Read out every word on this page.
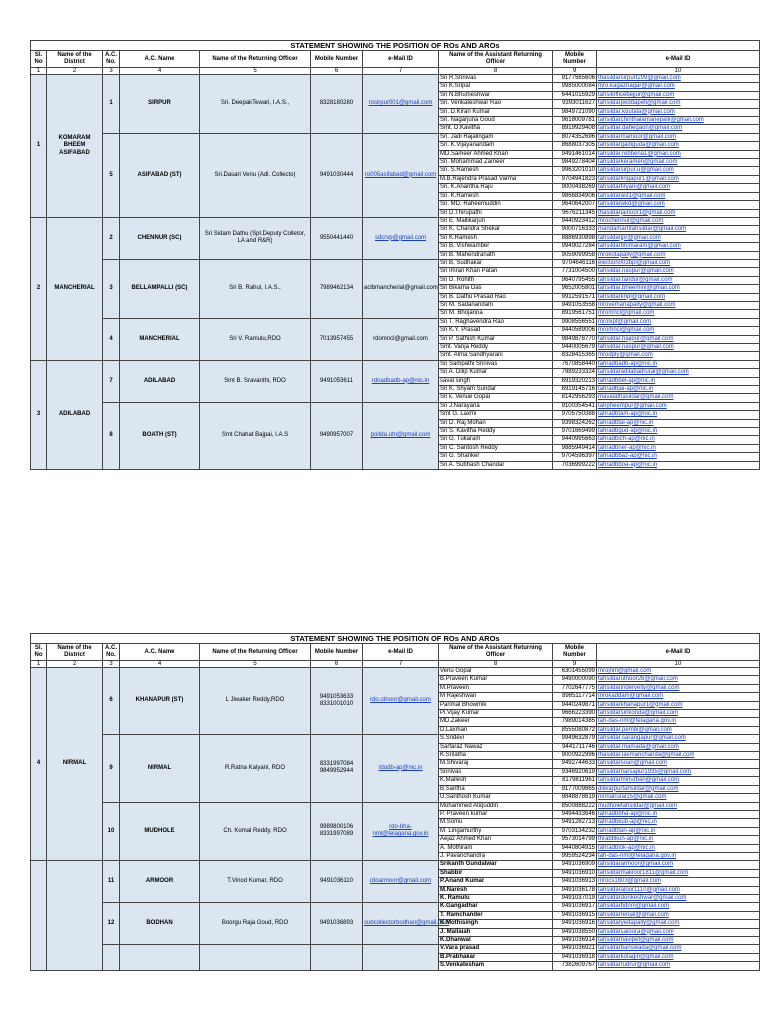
STATEMENT SHOWING THE POSITION OF ROs AND AROs									
Sl. No	Name of the District	A.C. No.	A.C. Name	Name of the Returning Officer	Mobile Number	e-Mail ID	Name of the Assistant Returning Officer	Mobile Number	e-Mail ID
1	2	3	4	5	6	7	8	9	10
1	KOMARAM BHEEM ASIFABAD	1	SIRPUR	Sri. DeepakTewari, I.A.S.,	8328180280	rosirpur001@gmail.com	Sri R.Srinivas	9177565606	thasildarsirpurt299@gmail.com
							Sri K.Sripal	9985000084	mro.kagaznagar@gmail.com
							Sri N.Bhumeshwar	6441015929	tahsilofficebejjur@gmail.com
							Sri. Venkateshwar Rao	9393011627	tahsildarpeddapeti@gmail.com
							Sri. D.Kiran Kumar	9849721090	tahsildar.koutala@gmail.com
							Sri. Nagarjuna Goud	9618009781	tahsildarchinthalamanepalli@gmail.com
							Smt. D.Kavitha	8919929408	tahsildar.dahegaon@gmail.com
		5	ASIFABAD (ST)	Sri.Dasari Venu (Adl. Collecto)	9491030444	ro005asifabad@gmail.com	Sri. Jadi Rajalingam	8074352696	tahsildarmamoor@gmail.com
							Sri. K.Vijayanandam	8688037305	tahsildargadiguda@gmail.com
							MD.Sameer Ahmed Khan	9491461014	tahsildar.rebbena1@gmail.com
							Sri. Mohammad Zameer	9849278404	tahsildarkeramen@gmail.com
							Sri. S.Ramesh	9963201010	tahsildarsirpur.u@gmail.com
							M.B.Rajendra Prasad Varma	9704941823	tahsildarlingapur1@gmail.com
							Sri. K.Anantha Raju	9000438269	tahsildartiryani@gmail.com
							Sri. K.Ramesh	9866834906	tahsildarasf1@gmail.com
							Sri. MD. Raheemuddin	9640642007	tahsildarwkd@gmail.com
							Sri D.Thirupathi	9676211345	thasildarjainoor1@gmail.com
2	MANCHERIAL	2	CHENNUR (SC)	Sri Sidam Dathu (Spl.Deputy Colletor, LA and R&R)	9550441440	sdcrvp@gmail.com	Sri E. Mallikarjun	9440923412	mrochennur@gmail.com
							Sri K. Chandra Shekar	9000716333	mandamarritahsildar@gmail.com
							Sri K.Ramesh	8886930898	tahsildarjpr@gmail.com
							Sri B. Vishwamber	9949027284	tahsildarbhimaram@gmail.com
							Sri B. Mahendranath	9059099958	mrokotapally@gmail.com
		3	BELLAMPALLI (SC)	Sri B. Rahul, I.A.S.,	7989462134	aclbmancherial@gmail.com	Sri B. Sudhakar	9704646116	election003bpl@gmail.com
							Sri Imran Khan Patan	7731004500	tahsildar.naspur@gmail.com
							Sri D. Rohith	9640795455	tahsildar.tandur@gmail.com
							Sri Bikarna Das	9652005801	tahsildar.bheemini@gmail.com
							Sri B. Dathu Prasad Rao	9912591571	tahsildarknpl@gmail.com
							Sri M. Sadanandam	9491053558	mrovemanapally@gmail.com
							Sri M. Bhojanna	8919561751	mromncl@gmail.com
		4	MANCHERIAL	Sri V. Ramulu,RDO	7013957455	rdomncl@gmail.com	Sri T. Raghavendra Rao	9908556551	mrolxpt@gmail.com
							Sri K.Y. Prasad	9440589006	mromncl@gmail.com
							Sri P. Sathish Kumar	9849878770	tahsildar.hajipur@gmail.com
							Smt. Vanja Reddy	9440005679	tahsildar.naspur@gmail.com
							Smt. Alma Sandhyarani	8328415365	mrodply@gmail.com
3	ADILABAD	7	ADILABAD	Smt B. Sravanthi, RDO	9491053611	rdoadbadb-ap@nic.in	Sri Sampathi Srinivas	7670858440	tahradbadb-ap@nic.in
							Sri A. Dilip Kumar	7989233324	tahsildaradilabadrural@gmail.com
							saval singh	8919320213	tahradbbel-ap@nic.in
							Sri K. Shyam Sundar	8919145716	tahradbjai-ap@nic.in
							Sri k. Venue Gopal	8142956293	mavalathasildar@gmail.com
		8	BOATH (ST)	Smt Chahat Bajpai, I.A.S	9490957007	poitda.utn@gmail.com	Sri J.Narayana	9100354541	tahpheempur@gmail.com
							Smt G. Laxmi	9705750388	tahradbtam-ap@nic.in
							Sri D. Raj Mohan	9398324262	tahradbtal-ap@nic.in
							Sri S. Kavitha Reddy	9701669499	tahradbgud-ap@nic.in
							Sri G. Tukaram	9440995663	tahradbich-ap@nic.in
							Sri C. Santosh Reddy	9885949414	tahradbner-ap@nic.in
							Sri G. Shanker	9704596397	tahradbbaz-ap@nic.in
							Sri A. Subhash Chandar	7036999222	tahradbboa-ap@nic.in
STATEMENT SHOWING THE POSITION OF ROs AND AROs									
Sl. No	Name of the District	A.C. No.	A.C. Name	Name of the Returning Officer	Mobile Number	e-Mail ID	Name of the Assistant Returning Officer	Mobile Number	e-Mail ID
1	2	3	4	5	6	7	8	9	10
4	NIRMAL	6	KHANAPUR (ST)	L Jiwaker Reddy,RDO	9491053633 8331001010	rdo.utnoor@gmail.com	Venu Gopal	6301455099	mrojnm@gmail.com
							B.Praveen Kumar	9490000090	tahsildarutnoor26@gmail.com
							M.Praveen	7702647775	tahsildarindervelly@gmail.com
							M Rajeshwari	8985117714	mrokaddam@gmail.com
							Parimal Bhowmik	9440249871	tahsildarkhanapur1@gmail.com
							Pi.Vijay Kumar	9666223390	tahsildarsirikonda@gmail.com
							MD.Zakeer	7989014385	tah-das-nml@telagana.gov.in
							D.Laxman	8555080872	tahsildar.pembi@gmail.com
		9	NIRMAL	R.Ratna Kalyani, RDO	8331997084 9849952944	rdodb-ap@nic.in	S.Sridevi	9949632879	tahsildar.sarangapur@gmail.com
							Sarfaraz Nawaz	9441711746	tahsildar.mamada@gmail.com
							K.Srilatha	9000922996	thasildar.laxmanchanda@gmail.com
							M.Shivaraj	9492744633	tahsildarsoan@gmail.com
							Srinivas	9346920619	tahsildarnarsapur1935@gmail.com
							K.Mallesh	8179811961	tahsildarmirlurban@gmail.com
							B.Saritha	9177009865	dilwarpurtahsildar@gmail.com
							U.Santhosh Kumar	9848878619	nirmalrural15@gmail.com
		10	MUDHOLE	Ch. Komal Reddy, RDO	9989800106 8331997089	rdo-bha-nml@telagana.gov.in	Mohammed Atiquddin	8500888222	mudholetahsildar@gmail.com
							P. Praveen kumar	9494433646	tahradbbha-ap@nic.in
							M.Somu	9491282713	tahradbkub-ap@nic.in
							M. Lingamurthy	9703134232	tahradbtan-ap@nic.in
							Aejaz Ahmed Khan	9573014799	thrabbkun-ap@nic.in
							A. Mothiram	9440804915	tahradblok-ap@nic.in
							J. Pavanchandra	9959524234	tah-das-nml@telagana.gov.in
		11	ARMOOR	T.Vinod Kumar, RDO	9491036110	rdoarmoor@gmail.com	Srikanth Gundalwar	9491036909	tahsildararmoor@gmail.com
							Shabbir	9491036910	tahsildarmakloor1811@gmail.com
							P.Anand Kumar	9491036913	mrocs1803@gmail.com
							M.Naresh	9491036178	tahsildaraloor1110@gmail.com
							K. Ramulu	9491037019	tahsildardonkeshwar@gmail.com
		12	BODHAN	Boorgu Raja Goud, RDO	9491036893	subcollectorbodhan@gmail.com	K.Gangadhar	9491036917	tahsildarbdnm@gmail.com
							T. Ramchander	9491036915	tahsildarrenjal@gmail.com
							K.Mothisingh	9491036916	tahsildaryedapally@gmail.com
							J. Mallaiah	9491038550	tahsildarsaloora@gmail.com
							K.Dhanwal	9491036914	tahsildarnavipet@gmail.com
							V.Vara prasad	9491036921	tahsildarbanswada@gmail.com
							B.Prabhakar	9491036918	tahsildarkotagiri@gmail.com
							S.Venkatesham	7382609767	tahsildarrudrur@gmail.com
